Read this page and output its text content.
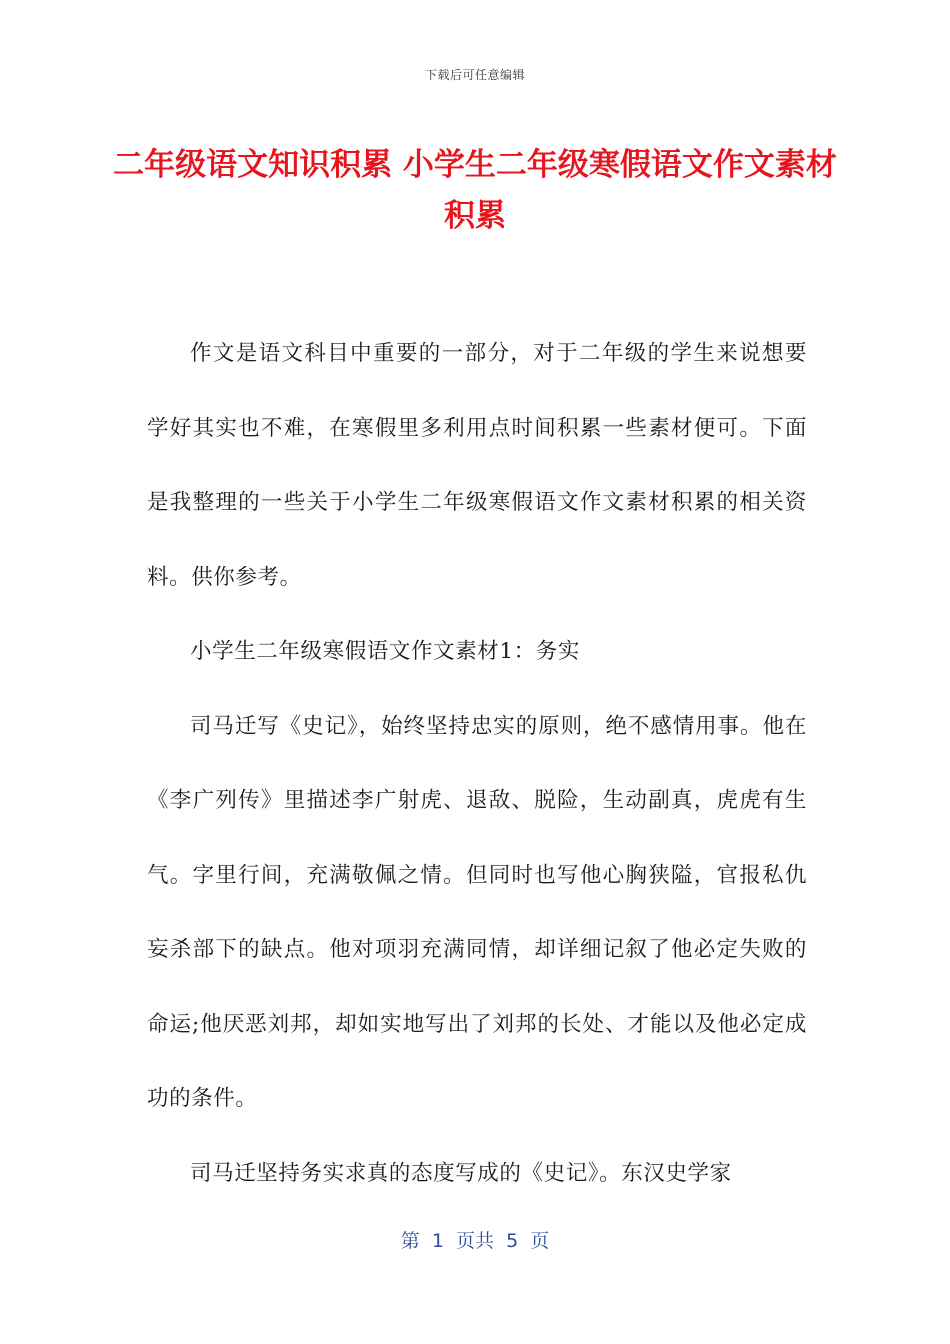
下载后可任意编辑
二年级语文知识积累 小学生二年级寒假语文作文素材积累

作文是语文科目中重要的一部分，对于二年级的学生来说想要学好其实也不难，在寒假里多利用点时间积累一些素材便可。下面是我整理的一些关于小学生二年级寒假语文作文素材积累的相关资料。供你参考。

小学生二年级寒假语文作文素材1：务实

司马迁写《史记》，始终坚持忠实的原则，绝不感情用事。他在《李广列传》里描述李广射虎、退敌、脱险，生动副真，虎虎有生气。字里行间，充满敬佩之情。但同时也写他心胸狭隘，官报私仇妄杀部下的缺点。他对项羽充满同情，却详细记叙了他必定失败的命运;他厌恶刘邦，却如实地写出了刘邦的长处、才能以及他必定成功的条件。

司马迁坚持务实求真的态度写成的《史记》。东汉史学家

第  1  页共  5  页
